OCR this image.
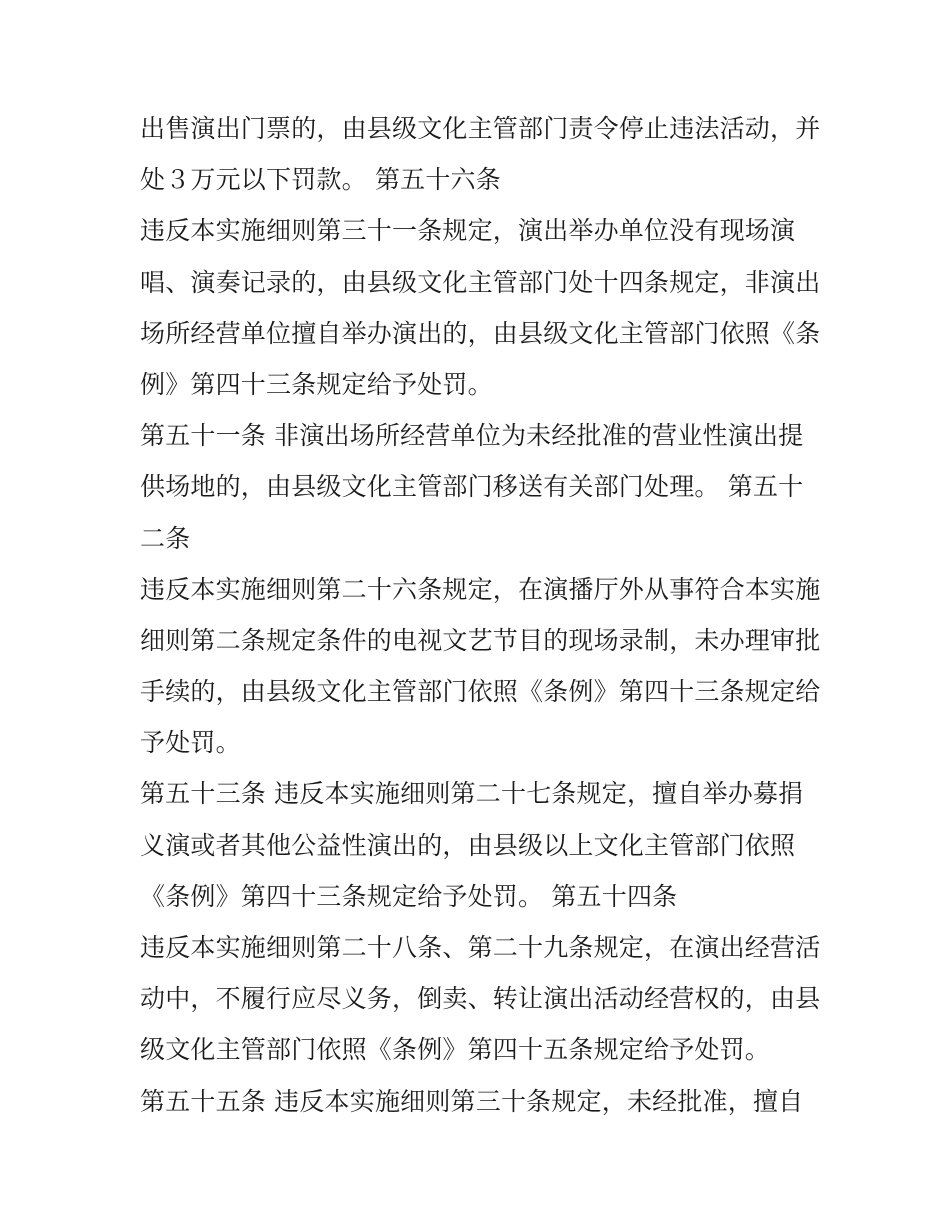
出售演出门票的，由县级文化主管部门责令停止违法活动，并
处３万元以下罚款。 第五十六条
违反本实施细则第三十一条规定，演出举办单位没有现场演
唱、演奏记录的，由县级文化主管部门处十四条规定，非演出
场所经营单位擅自举办演出的，由县级文化主管部门依照《条
例》第四十三条规定给予处罚。
第五十一条 非演出场所经营单位为未经批准的营业性演出提
供场地的，由县级文化主管部门移送有关部门处理。 第五十
二条
违反本实施细则第二十六条规定，在演播厅外从事符合本实施
细则第二条规定条件的电视文艺节目的现场录制，未办理审批
手续的，由县级文化主管部门依照《条例》第四十三条规定给
予处罚。
第五十三条 违反本实施细则第二十七条规定，擅自举办募捐
义演或者其他公益性演出的，由县级以上文化主管部门依照
《条例》第四十三条规定给予处罚。 第五十四条
违反本实施细则第二十八条、第二十九条规定，在演出经营活
动中，不履行应尽义务，倒卖、转让演出活动经营权的，由县
级文化主管部门依照《条例》第四十五条规定给予处罚。
第五十五条 违反本实施细则第三十条规定，未经批准，擅自
